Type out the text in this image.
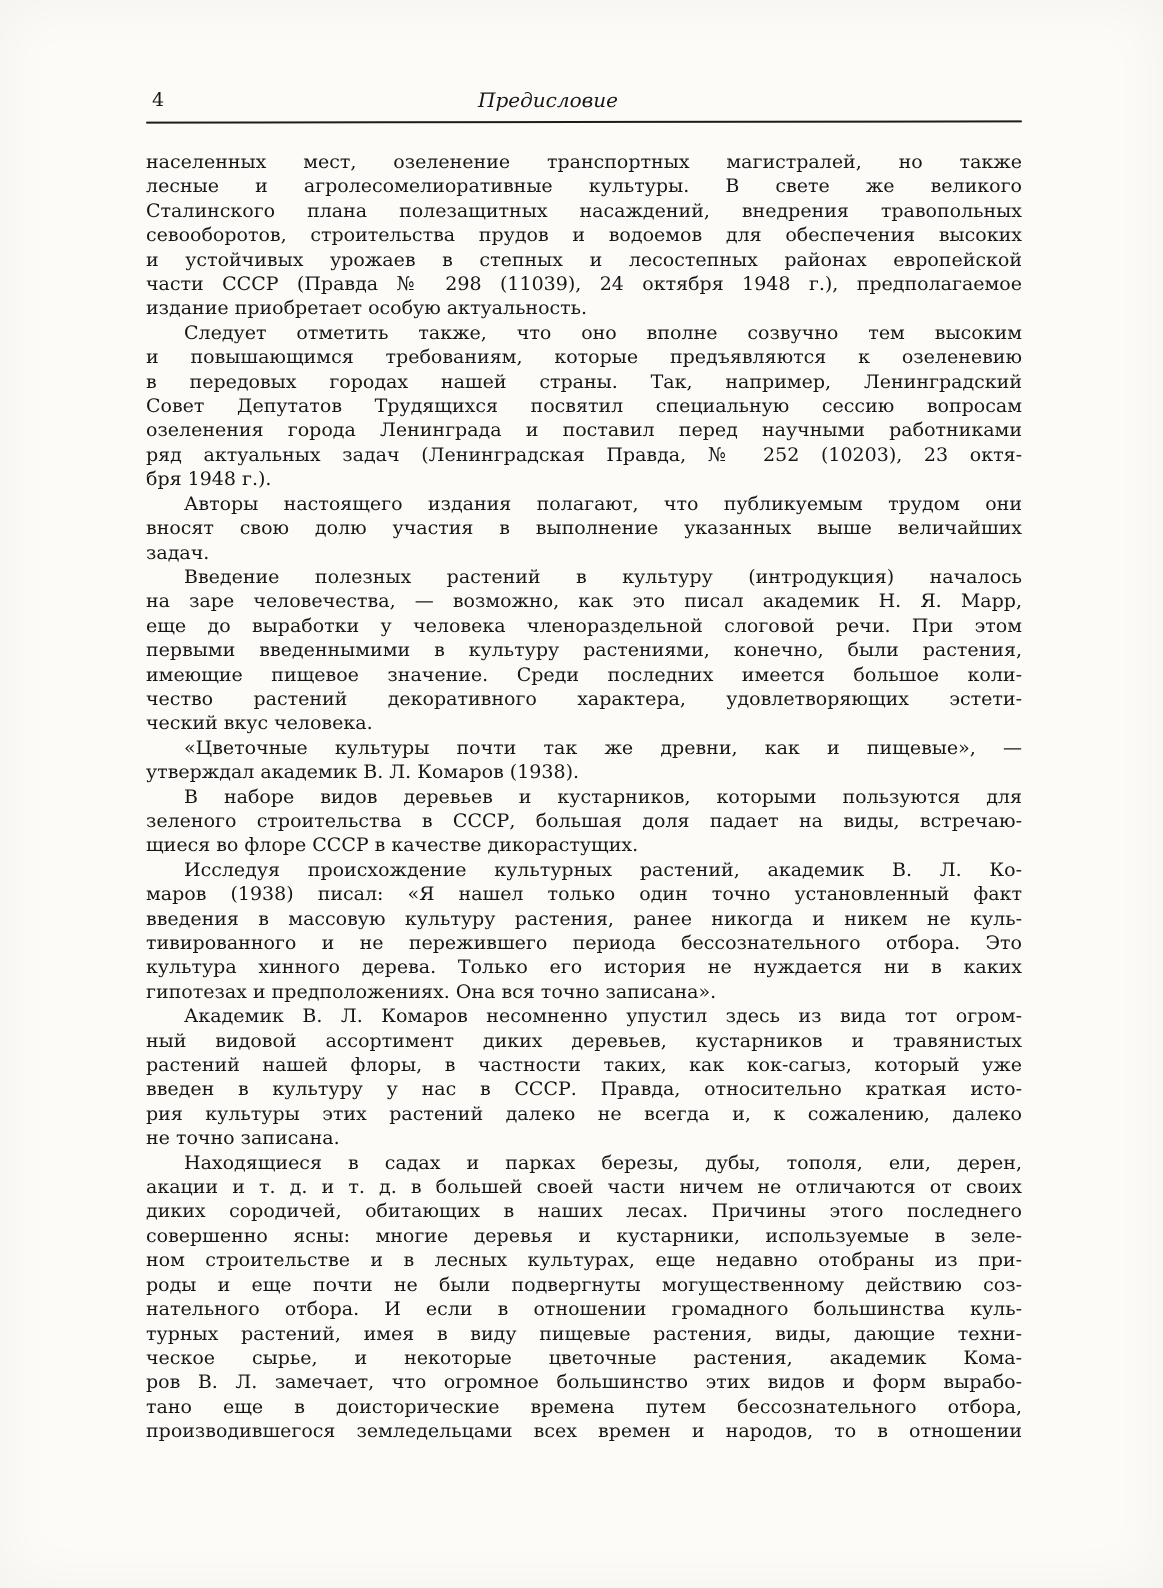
4	Предисловие
населенных мест, озеленение транспортных магистралей, но также
лесные и агролесомелиоративные культуры. В свете же великого
Сталинского плана полезащитных насаждений, внедрения травопольных
севооборотов, строительства прудов и водоемов для обеспечения высоких
и устойчивых урожаев в степных и лесостепных районах европейской
части СССР (Правда № 298 (11039), 24 октября 1948 г.), предполагаемое
издание приобретает особую актуальность.
Следует отметить также, что оно вполне созвучно тем высоким
и повышающимся требованиям, которые предъявляются к озеленевию
в передовых городах нашей страны. Так, например, Ленинградский
Совет Депутатов Трудящихся посвятил специальную сессию вопросам
озеленения города Ленинграда и поставил перед научными работниками
ряд актуальных задач (Ленинградская Правда, № 252 (10203), 23 октя-
бря 1948 г.).
Авторы настоящего издания полагают, что публикуемым трудом они
вносят свою долю участия в выполнение указанных выше величайших
задач.
Введение полезных растений в культуру (интродукция) началось
на заре человечества, — возможно, как это писал академик Н. Я. Марр,
еще до выработки у человека членораздельной слоговой речи. При этом
первыми введеннымими в культуру растениями, конечно, были растения,
имеющие пищевое значение. Среди последних имеется большое коли-
чество растений декоративного характера, удовлетворяющих эстети-
ческий вкус человека.
«Цветочные культуры почти так же древни, как и пищевые», —
утверждал академик В. Л. Комаров (1938).
В наборе видов деревьев и кустарников, которыми пользуются для
зеленого строительства в СССР, большая доля падает на виды, встречаю-
щиеся во флоре СССР в качестве дикорастущих.
Исследуя происхождение культурных растений, академик В. Л. Ко-
маров (1938) писал: «Я нашел только один точно установленный факт
введения в массовую культуру растения, ранее никогда и никем не куль-
тивированного и не пережившего периода бессознательного отбора. Это
культура хинного дерева. Только его история не нуждается ни в каких
гипотезах и предположениях. Она вся точно записана».
Академик В. Л. Комаров несомненно упустил здесь из вида тот огром-
ный видовой ассортимент диких деревьев, кустарников и травянистых
растений нашей флоры, в частности таких, как кок-сагыз, который уже
введен в культуру у нас в СССР. Правда, относительно краткая исто-
рия культуры этих растений далеко не всегда и, к сожалению, далеко
не точно записана.
Находящиеся в садах и парках березы, дубы, тополя, ели, дерен,
акации и т. д. и т. д. в большей своей части ничем не отличаются от своих
диких сородичей, обитающих в наших лесах. Причины этого последнего
совершенно ясны: многие деревья и кустарники, используемые в зеле-
ном строительстве и в лесных культурах, еще недавно отобраны из при-
роды и еще почти не были подвергнуты могущественному действию соз-
нательного отбора. И если в отношении громадного большинства куль-
турных растений, имея в виду пищевые растения, виды, дающие техни-
ческое сырье, и некоторые цветочные растения, академик Кома-
ров В. Л. замечает, что огромное большинство этих видов и форм вырабо-
тано еще в доисторические времена путем бессознательного отбора,
производившегося земледельцами всех времен и народов, то в отношении
